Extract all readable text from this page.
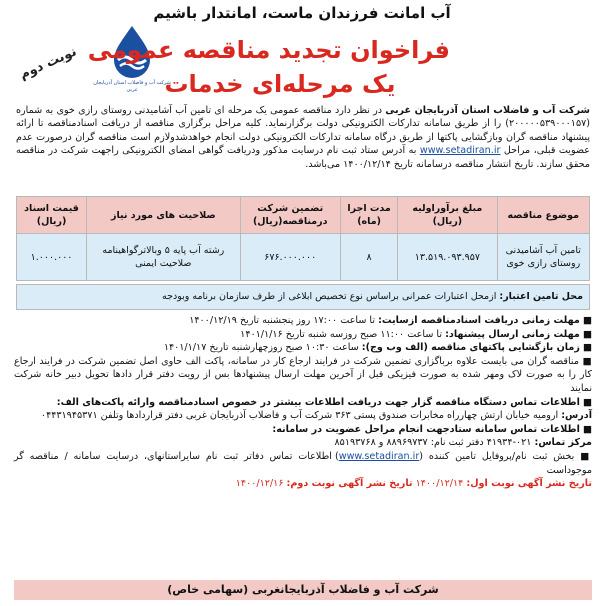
آب امانت فرزندان ماست، امانتدار باشیم
شرکت آب و فاضلاب استان آذربایجان غربی
فراخوان تجدید مناقصه عمومی
یک مرحله‌ای خدمات
نوبت دوم

شرکت آب و فاضلاب استان آذربایجان غربی در نظر دارد مناقصه عمومی یک مرحله ای تامین آب آشامیدنی روستای رازی خوی به شماره (۲۰۰۰۰۰۵۳۹۰۰۰۱۵۷) را از طریق سامانه تدارکات الکترونیکی دولت برگزارنماید. کلیه مراحل برگزاری مناقصه از دریافت اسنادمناقصه تا ارائه پیشنهاد مناقصه گران وبازگشایی پاکتها از طریق درگاه سامانه تدارکات الکترونیکی دولت انجام خواهدشدولازم است مناقصه گران درصورت عدم عضویت قبلی، مراحل www.setadiran.ir به آدرس ستاد ثبت نام درسایت مذکور ودریافت گواهی امضای الکترونیکی راجهت شرکت در مناقصه محقق سازند. تاریخ انتشار مناقصه درسامانه تاریخ ۱۴۰۰/۱۲/۱۴ می‌باشد.

موضوع مناقصه	مبلغ برآوراولیه (ریال)	مدت اجرا (ماه)	تضمین شرکت درمناقصه(ریال)	صلاحیت های مورد نیاز	قیمت اسناد (ریال)
تامین آب آشامیدنی روستای رازی خوی	۱۳.۵۱۹.۰۹۳.۹۵۷	۸	۶۷۶.۰۰۰.۰۰۰	رشته آب پایه ۵ وبالاترگواهینامه صلاحیت ایمنی	۱.۰۰۰.۰۰۰
محل تامین اعتبار: ازمحل اعتبارات عمرانی براساس نوع تخصیص ابلاغی از طرف سازمان برنامه وبودجه

■ مهلت زمانی دریافت اسنادمناقصه ازسایت: تا ساعت ۱۷:۰۰ روز پنجشنبه تاریخ ۱۴۰۰/۱۲/۱۹

■ مهلت زمانی ارسال پیشنهاد: تا ساعت ۱۱:۰۰ صبح روزسه شنبه تاریخ ۱۴۰۱/۱/۱۶

■ زمان بازگشایی پاکتهای مناقصه (الف وب وج): ساعت ۱۰:۳۰ صبح روزچهارشنبه تاریخ ۱۴۰۱/۱/۱۷

■ مناقصه گران می بایست علاوه برباگزاری تضمین شرکت در فرایند ارجاع کار در سامانه، پاکت الف حاوی اصل تضمین شرکت در فرایند ارجاع کار را به صورت لاک ومهر شده به صورت فیزیکی قبل از آخرین مهلت ارسال پیشنهادها بس از رویت دفتر قرار دادها تحویل دبیر خانه شرکت نمایند

■ اطلاعات تماس دستگاه مناقصه گزار جهت دریافت اطلاعات بیشتر در خصوص اسنادمناقصه وارائه پاکت‌های الف:

آدرس: ارومیه خیابان ارتش چهارراه مخابرات صندوق پستی ۳۶۳ شرکت آب و فاضلاب آذربایجان غربی دفتر قراردادها وتلفن ۰۴۴۳۱۹۴۵۳۷۱

■ اطلاعات تماس سامانه ستادجهت انجام مراحل عضویت در سامانه:

مرکز تماس: ۰۲۱-۴۱۹۳۴ دفتر ثبت نام: ۸۸۹۶۹۷۳۷ و ۸۵۱۹۳۷۶۸

■ بخش ثبت نام/پروفایل تامین کننده (www.setadiran.ir) اطلاعات تماس دفاتر ثبت نام سایراستانهای، درسایت سامانه / مناقصه گر موجوداست

تاریخ نشر آگهی نوبت اول: ۱۴۰۰/۱۲/۱۴ تاریخ نشر آگهی نوبت دوم: ۱۴۰۰/۱۲/۱۶

شرکت آب و فاضلاب آذربایجانغربی (سهامی خاص)
